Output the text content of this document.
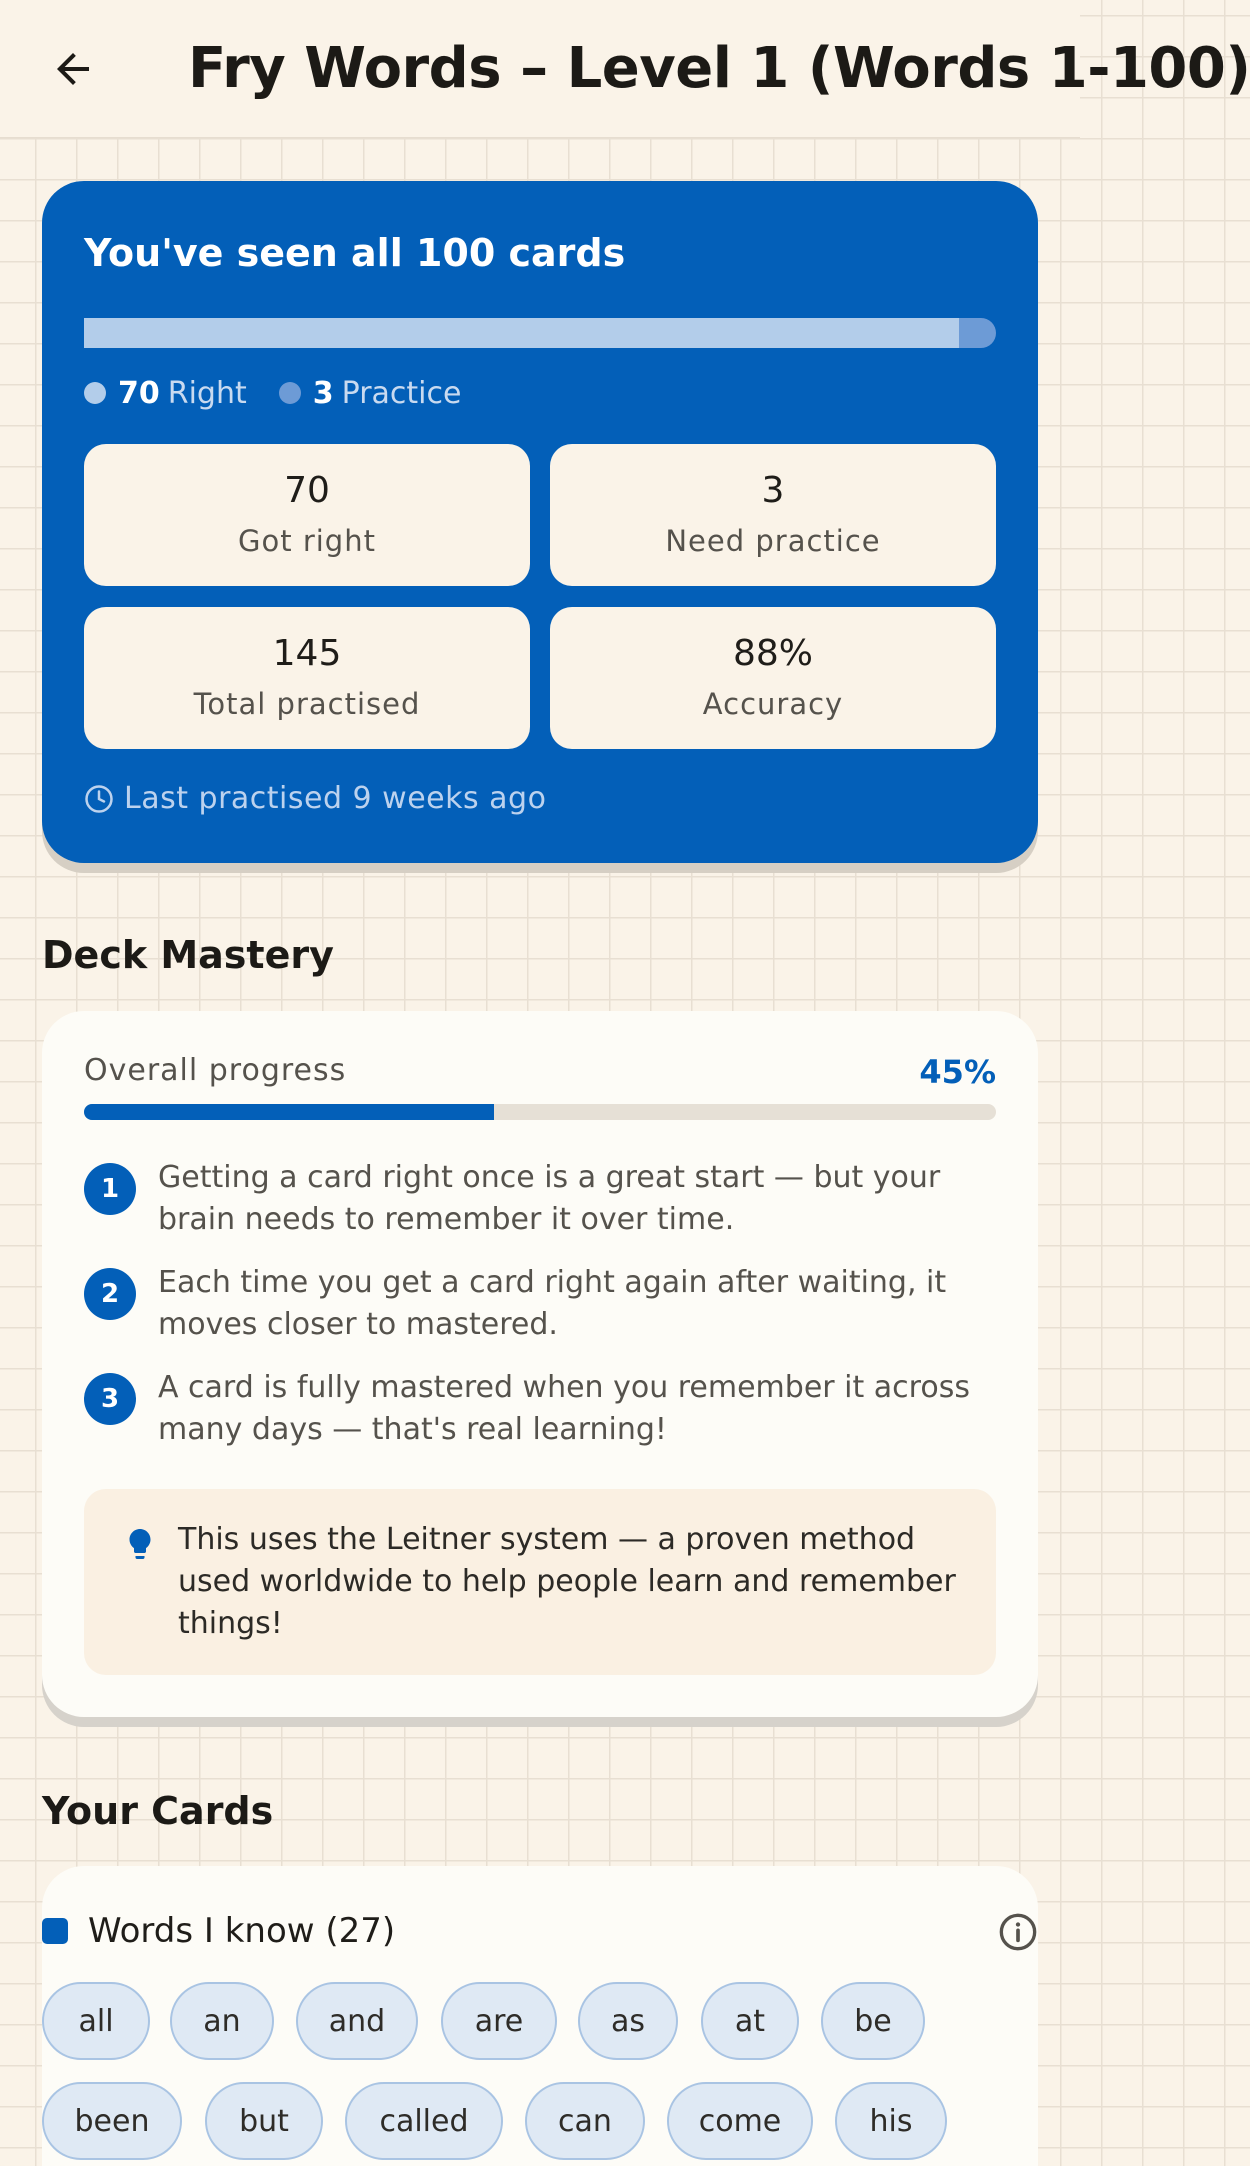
Fry Words – Level 1 (Words 1-100)
You've seen all 100 cards
70 Right 3 Practice
70
Got right
3
Need practice
145
Total practised
88%
Accuracy
Last practised 9 weeks ago
Deck Mastery
Overall progress	45%
1	Getting a card right once is a great start — but your brain needs to remember it over time.
2	Each time you get a card right again after waiting, it moves closer to mastered.
3	A card is fully mastered when you remember it across many days — that's real learning!
This uses the Leitner system — a proven method used worldwide to help people learn and remember things!
Your Cards
Words I know (27)
all	an	and	are	as	at	be
been	but	called	can	come	his
